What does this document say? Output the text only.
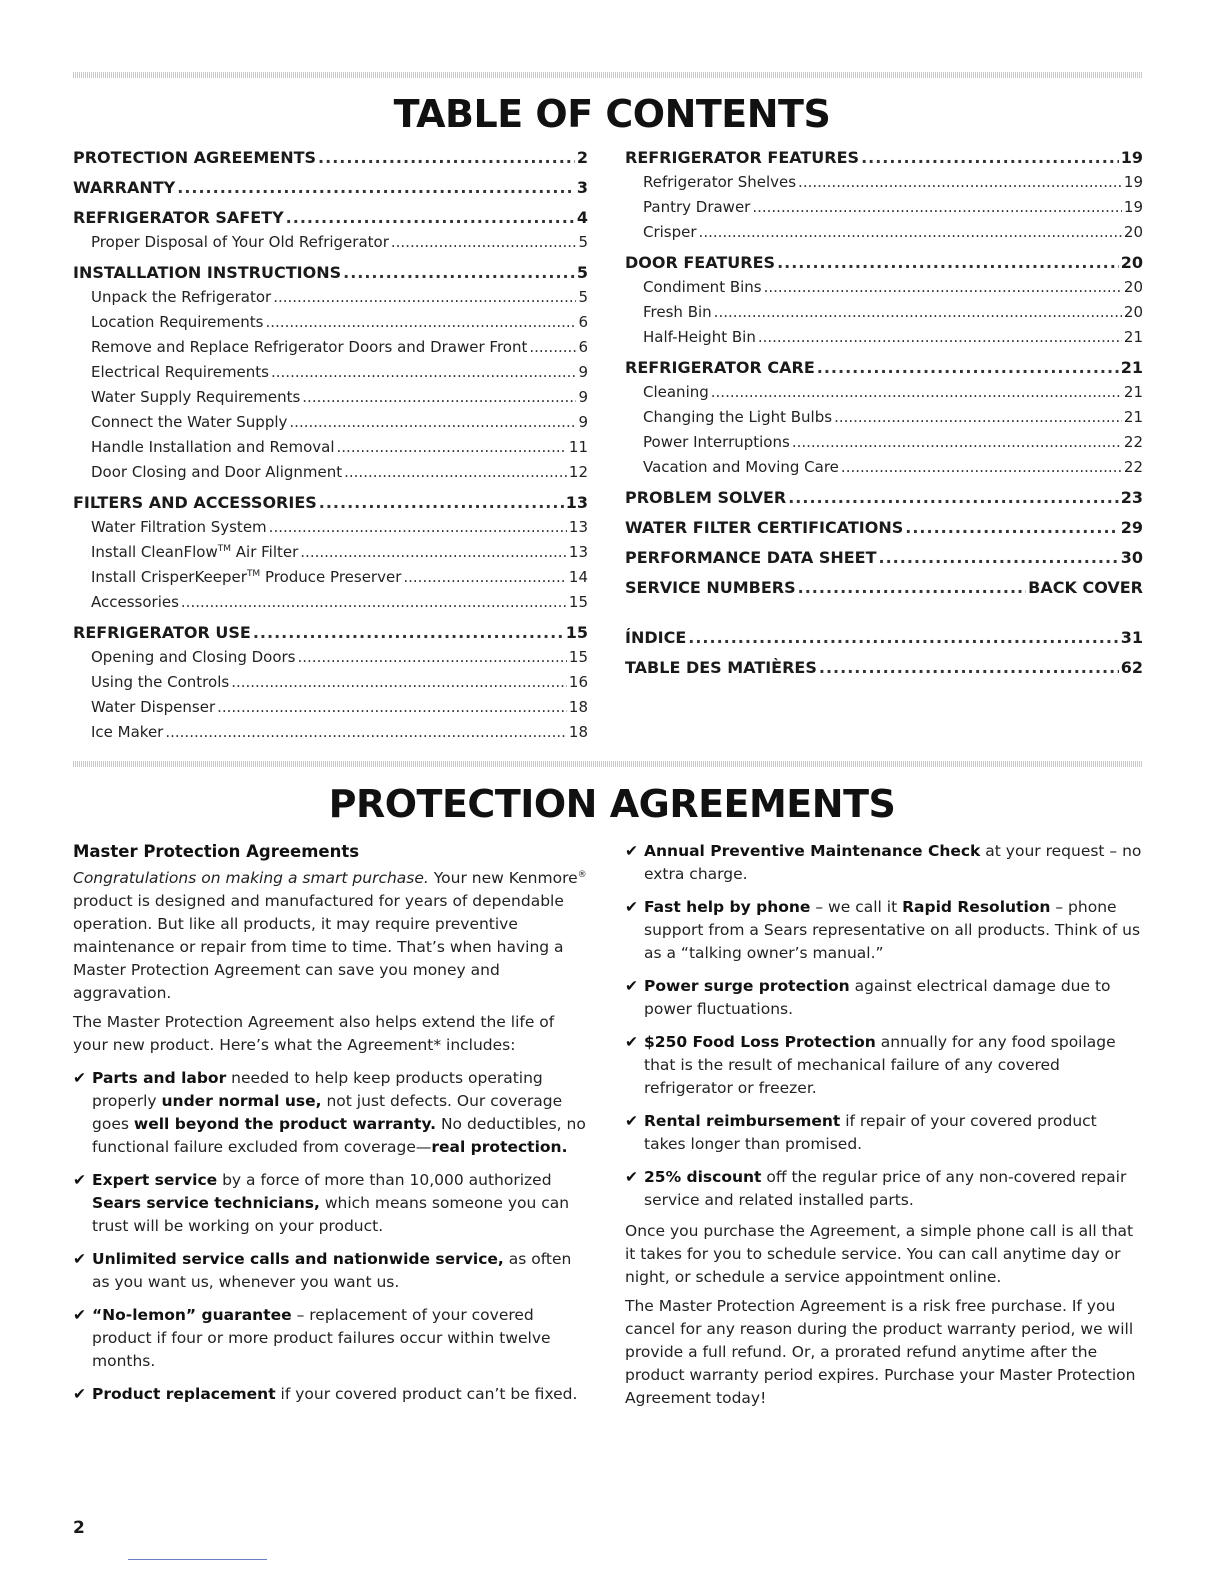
TABLE OF CONTENTS
PROTECTION AGREEMENTS .....	2
WARRANTY .....	3
REFRIGERATOR SAFETY .....	4
Proper Disposal of Your Old Refrigerator .....	5
INSTALLATION INSTRUCTIONS .....	5
Unpack the Refrigerator .....	5
Location Requirements .....	6
Remove and Replace Refrigerator Doors and Drawer Front .....	6
Electrical Requirements .....	9
Water Supply Requirements .....	9
Connect the Water Supply .....	9
Handle Installation and Removal .....	11
Door Closing and Door Alignment .....	12
FILTERS AND ACCESSORIES .....	13
Water Filtration System .....	13
Install CleanFlow™ Air Filter .....	13
Install CrisperKeeper™ Produce Preserver .....	14
Accessories .....	15
REFRIGERATOR USE .....	15
Opening and Closing Doors .....	15
Using the Controls .....	16
Water Dispenser .....	18
Ice Maker .....	18
REFRIGERATOR FEATURES .....	19
Refrigerator Shelves .....	19
Pantry Drawer .....	19
Crisper .....	20
DOOR FEATURES .....	20
Condiment Bins .....	20
Fresh Bin .....	20
Half-Height Bin .....	21
REFRIGERATOR CARE .....	21
Cleaning .....	21
Changing the Light Bulbs .....	21
Power Interruptions .....	22
Vacation and Moving Care .....	22
PROBLEM SOLVER .....	23
WATER FILTER CERTIFICATIONS .....	29
PERFORMANCE DATA SHEET .....	30
SERVICE NUMBERS .....	BACK COVER
ÍNDICE .....	31
TABLE DES MATIÈRES .....	62
PROTECTION AGREEMENTS
Master Protection Agreements

Congratulations on making a smart purchase. Your new Kenmore® product is designed and manufactured for years of dependable operation. But like all products, it may require preventive maintenance or repair from time to time. That’s when having a Master Protection Agreement can save you money and aggravation.

The Master Protection Agreement also helps extend the life of your new product. Here’s what the Agreement* includes:

✔ Parts and labor needed to help keep products operating properly under normal use, not just defects. Our coverage goes well beyond the product warranty. No deductibles, no functional failure excluded from coverage—real protection.

✔ Expert service by a force of more than 10,000 authorized Sears service technicians, which means someone you can trust will be working on your product.

✔ Unlimited service calls and nationwide service, as often as you want us, whenever you want us.

✔ “No-lemon” guarantee – replacement of your covered product if four or more product failures occur within twelve months.

✔ Product replacement if your covered product can’t be fixed.

✔ Annual Preventive Maintenance Check at your request – no extra charge.

✔ Fast help by phone – we call it Rapid Resolution – phone support from a Sears representative on all products. Think of us as a “talking owner’s manual.”

✔ Power surge protection against electrical damage due to power fluctuations.

✔ $250 Food Loss Protection annually for any food spoilage that is the result of mechanical failure of any covered refrigerator or freezer.

✔ Rental reimbursement if repair of your covered product takes longer than promised.

✔ 25% discount off the regular price of any non-covered repair service and related installed parts.

Once you purchase the Agreement, a simple phone call is all that it takes for you to schedule service. You can call anytime day or night, or schedule a service appointment online.

The Master Protection Agreement is a risk free purchase. If you cancel for any reason during the product warranty period, we will provide a full refund. Or, a prorated refund anytime after the product warranty period expires. Purchase your Master Protection Agreement today!

2
